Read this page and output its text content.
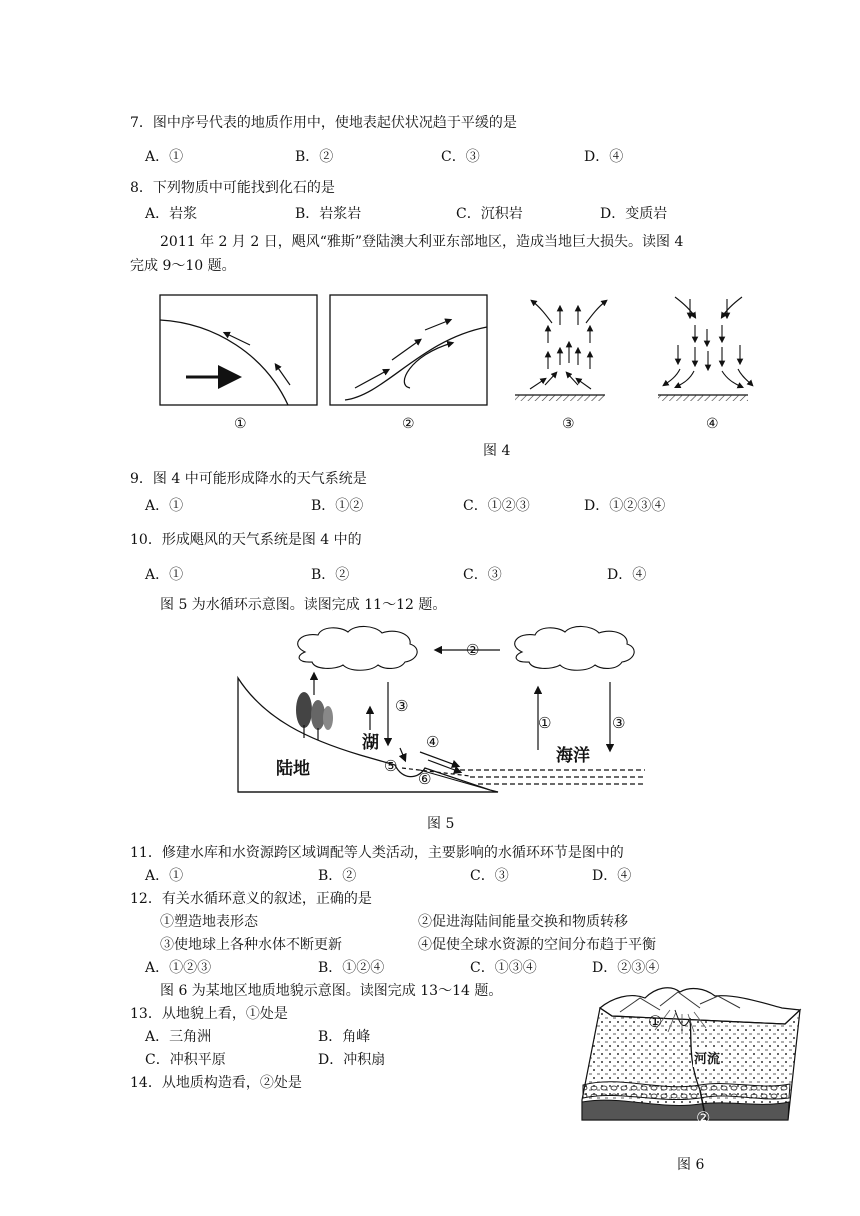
7．图中序号代表的地质作用中，使地表起伏状况趋于平缓的是
A．①	B．②	C．③	D．④
8．下列物质中可能找到化石的是
A．岩浆	B．岩浆岩	C．沉积岩	D．变质岩
2011 年 2 月 2 日，飓风“雅斯”登陆澳大利亚东部地区，造成当地巨大损失。读图 4
完成 9～10 题。
①	②	③	④
图 4
9．图 4 中可能形成降水的天气系统是
A．①	B．①②	C．①②③	D．①②③④
10．形成飓风的天气系统是图 4 中的
A．①	B．②	C．③	D．④
图 5 为水循环示意图。读图完成 11～12 题。
陆地
湖
海洋
①
②
③
③
④
⑤
⑥
图 5
11．修建水库和水资源跨区域调配等人类活动，主要影响的水循环环节是图中的
A．①	B．②	C．③	D．④
12．有关水循环意义的叙述，正确的是
①塑造地表形态	②促进海陆间能量交换和物质转移
③使地球上各种水体不断更新	④促使全球水资源的空间分布趋于平衡
A．①②③	B．①②④	C．①③④	D．②③④
图 6 为某地区地质地貌示意图。读图完成 13～14 题。
13．从地貌上看，①处是
A．三角洲	B．角峰
C．冲积平原	D．冲积扇
14．从地质构造看，②处是
①
河流
②
图 6
